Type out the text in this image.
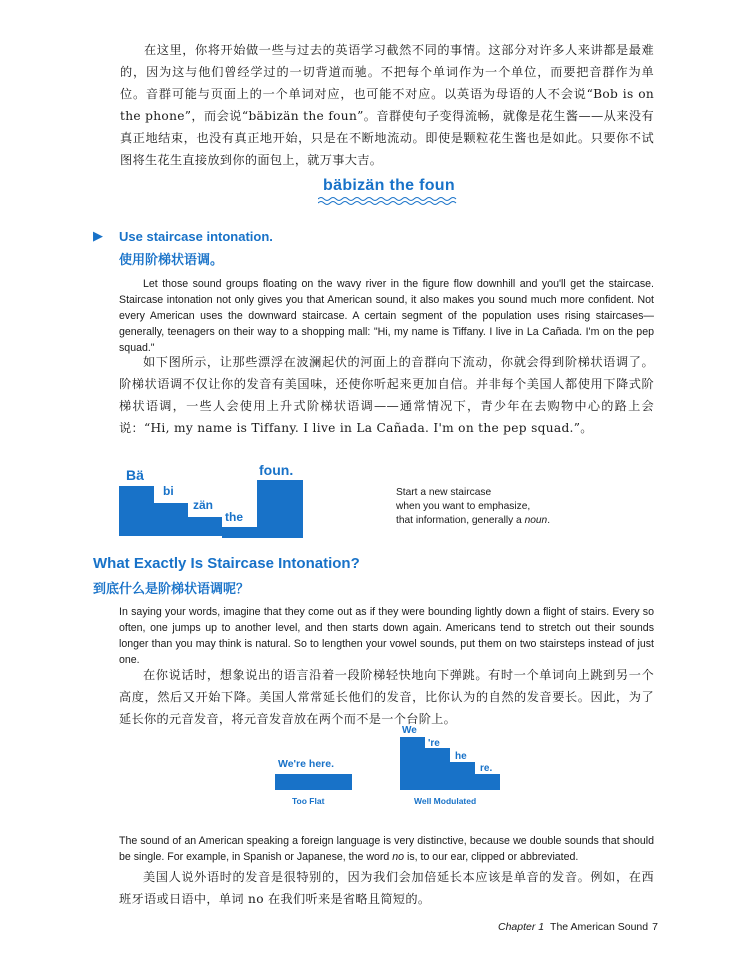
在这里，你将开始做一些与过去的英语学习截然不同的事情。这部分对许多人来讲都是最难的，因为这与他们曾经学过的一切背道而驰。不把每个单词作为一个单位，而要把音群作为单位。音群可能与页面上的一个单词对应，也可能不对应。以英语为母语的人不会说“Bob is on the phone”，而会说“bäbizän the foun”。音群使句子变得流畅，就像是花生酱——从来没有真正地结束，也没有真正地开始，只是在不断地流动。即使是颗粒花生酱也是如此。只要你不试图将生花生直接放到你的面包上，就万事大吉。

bäbizän the foun
▶ Use staircase intonation.
使用阶梯状语调。

Let those sound groups floating on the wavy river in the figure flow downhill and you'll get the staircase. Staircase intonation not only gives you that American sound, it also makes you sound much more confident. Not every American uses the downward staircase. A certain segment of the population uses rising staircases—generally, teenagers on their way to a shopping mall: "Hi, my name is Tiffany. I live in La Cañada. I'm on the pep squad."

如下图所示，让那些漂浮在波澜起伏的河面上的音群向下流动，你就会得到阶梯状语调了。阶梯状语调不仅让你的发音有美国味，还使你听起来更加自信。并非每个美国人都使用下降式阶梯状语调，一些人会使用上升式阶梯状语调——通常情况下，青少年在去购物中心的路上会说：“Hi, my name is Tiffany. I live in La Cañada. I'm on the pep squad.”。

Bä
bi
zän
the
foun.
Start a new staircase
when you want to emphasize,
that information, generally a noun.
What Exactly Is Staircase Intonation?
到底什么是阶梯状语调呢？

In saying your words, imagine that they come out as if they were bounding lightly down a flight of stairs. Every so often, one jumps up to another level, and then starts down again. Americans tend to stretch out their sounds longer than you may think is natural. So to lengthen your vowel sounds, put them on two stairsteps instead of just one.

在你说话时，想象说出的语言沿着一段阶梯轻快地向下弹跳。有时一个单词向上跳到另一个高度，然后又开始下降。美国人常常延长他们的发音，比你认为的自然的发音要长。因此，为了延长你的元音发音，将元音发音放在两个而不是一个台阶上。

We're here.
Too Flat
We
're
he
re.
Well Modulated

The sound of an American speaking a foreign language is very distinctive, because we double sounds that should be single. For example, in Spanish or Japanese, the word no is, to our ear, clipped or abbreviated.

美国人说外语时的发音是很特别的，因为我们会加倍延长本应该是单音的发音。例如，在西班牙语或日语中，单词 no 在我们听来是省略且简短的。

Chapter 1 The American Sound 7
